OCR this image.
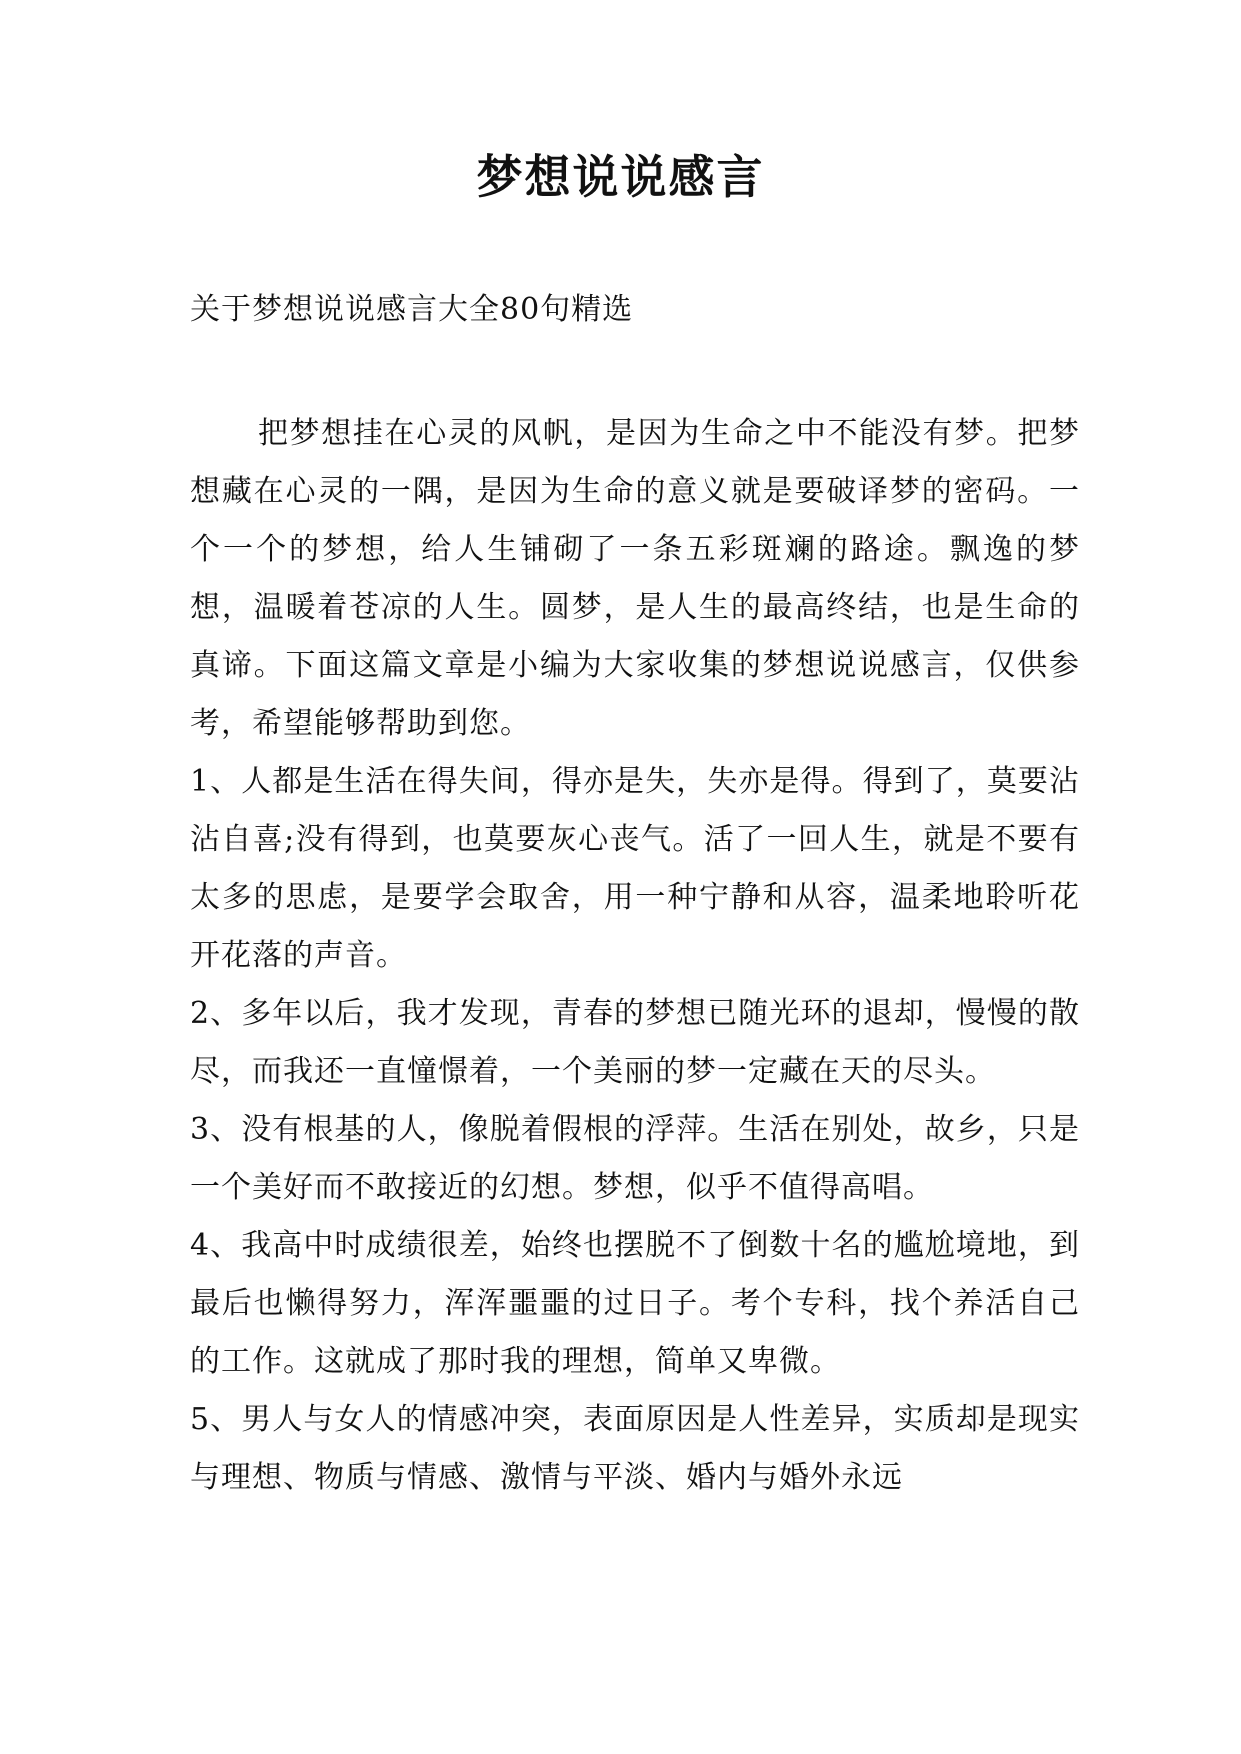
梦想说说感言
关于梦想说说感言大全80句精选

把梦想挂在心灵的风帆，是因为生命之中不能没有梦。把梦想藏在心灵的一隅，是因为生命的意义就是要破译梦的密码。一个一个的梦想，给人生铺砌了一条五彩斑斓的路途。飘逸的梦想，温暖着苍凉的人生。圆梦，是人生的最高终结，也是生命的真谛。下面这篇文章是小编为大家收集的梦想说说感言，仅供参考，希望能够帮助到您。

1、人都是生活在得失间，得亦是失，失亦是得。得到了，莫要沾沾自喜;没有得到，也莫要灰心丧气。活了一回人生，就是不要有太多的思虑，是要学会取舍，用一种宁静和从容，温柔地聆听花开花落的声音。

2、多年以后，我才发现，青春的梦想已随光环的退却，慢慢的散尽，而我还一直憧憬着，一个美丽的梦一定藏在天的尽头。

3、没有根基的人，像脱着假根的浮萍。生活在别处，故乡，只是一个美好而不敢接近的幻想。梦想，似乎不值得高唱。

4、我高中时成绩很差，始终也摆脱不了倒数十名的尴尬境地，到最后也懒得努力，浑浑噩噩的过日子。考个专科，找个养活自己的工作。这就成了那时我的理想，简单又卑微。

5、男人与女人的情感冲突，表面原因是人性差异，实质却是现实与理想、物质与情感、激情与平淡、婚内与婚外永远
